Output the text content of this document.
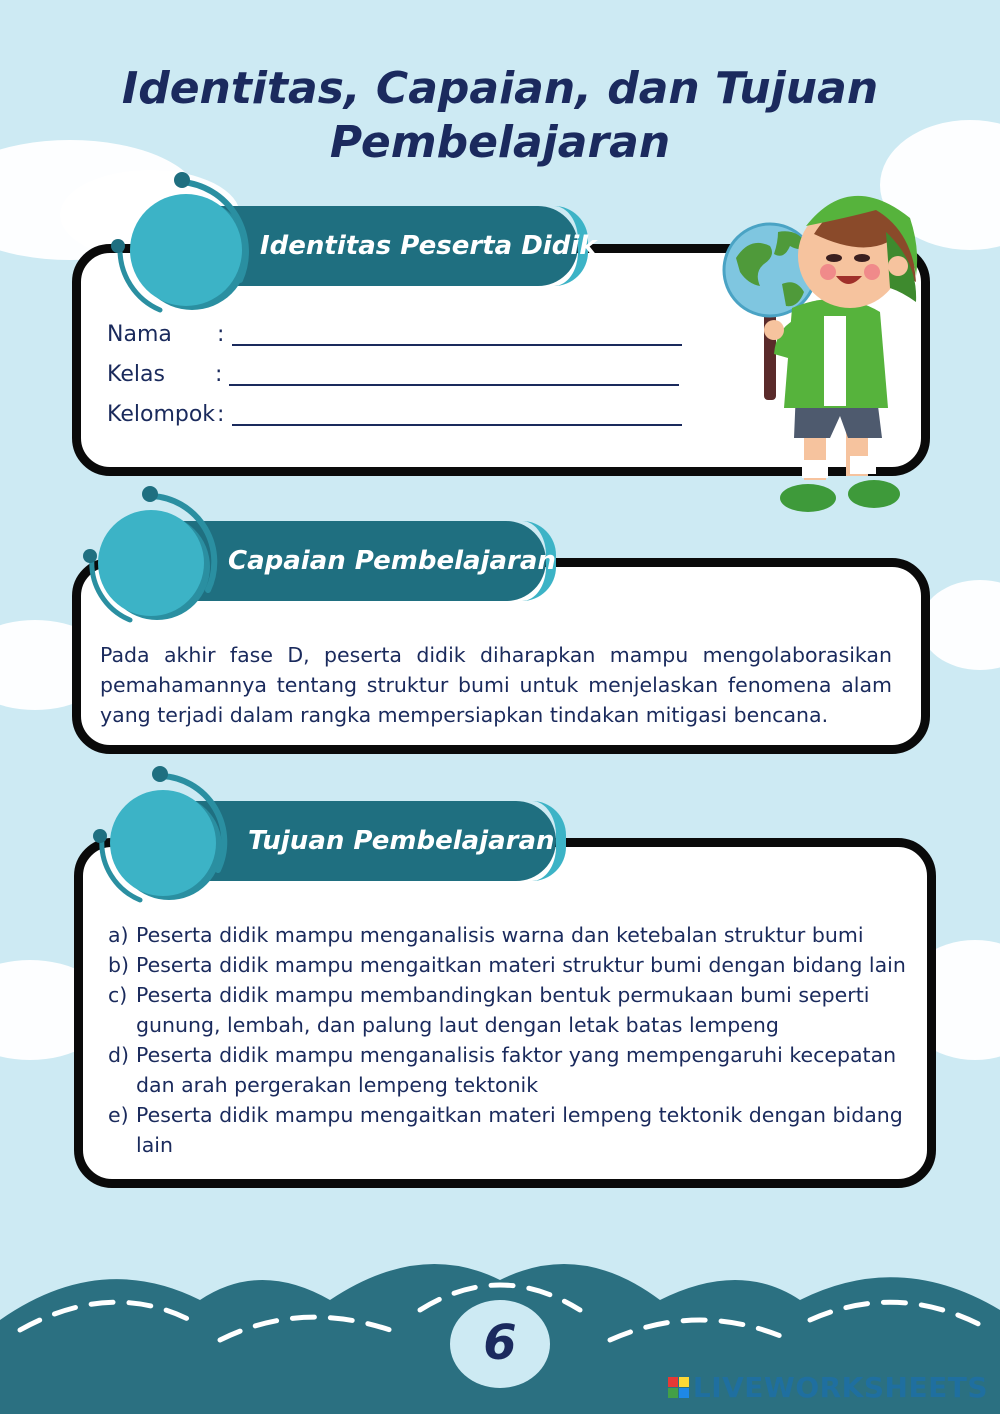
Identitas, Capaian, dan Tujuan
Pembelajaran
Identitas Peserta Didik
Nama :
Kelas :
Kelompok :
Capaian Pembelajaran

Pada akhir fase D, peserta didik diharapkan mampu mengolaborasikan pemahamannya tentang struktur bumi untuk menjelaskan fenomena alam yang terjadi dalam rangka mempersiapkan tindakan mitigasi bencana.

Tujuan Pembelajaran
a) Peserta didik mampu menganalisis warna dan ketebalan struktur bumi
b) Peserta didik mampu mengaitkan materi struktur bumi dengan bidang lain
c) Peserta didik mampu membandingkan bentuk permukaan bumi seperti gunung, lembah, dan palung laut dengan letak batas lempeng
d) Peserta didik mampu menganalisis faktor yang mempengaruhi kecepatan dan arah pergerakan lempeng tektonik
e) Peserta didik mampu mengaitkan materi lempeng tektonik dengan bidang lain
6
LIVEWORKSHEETS
